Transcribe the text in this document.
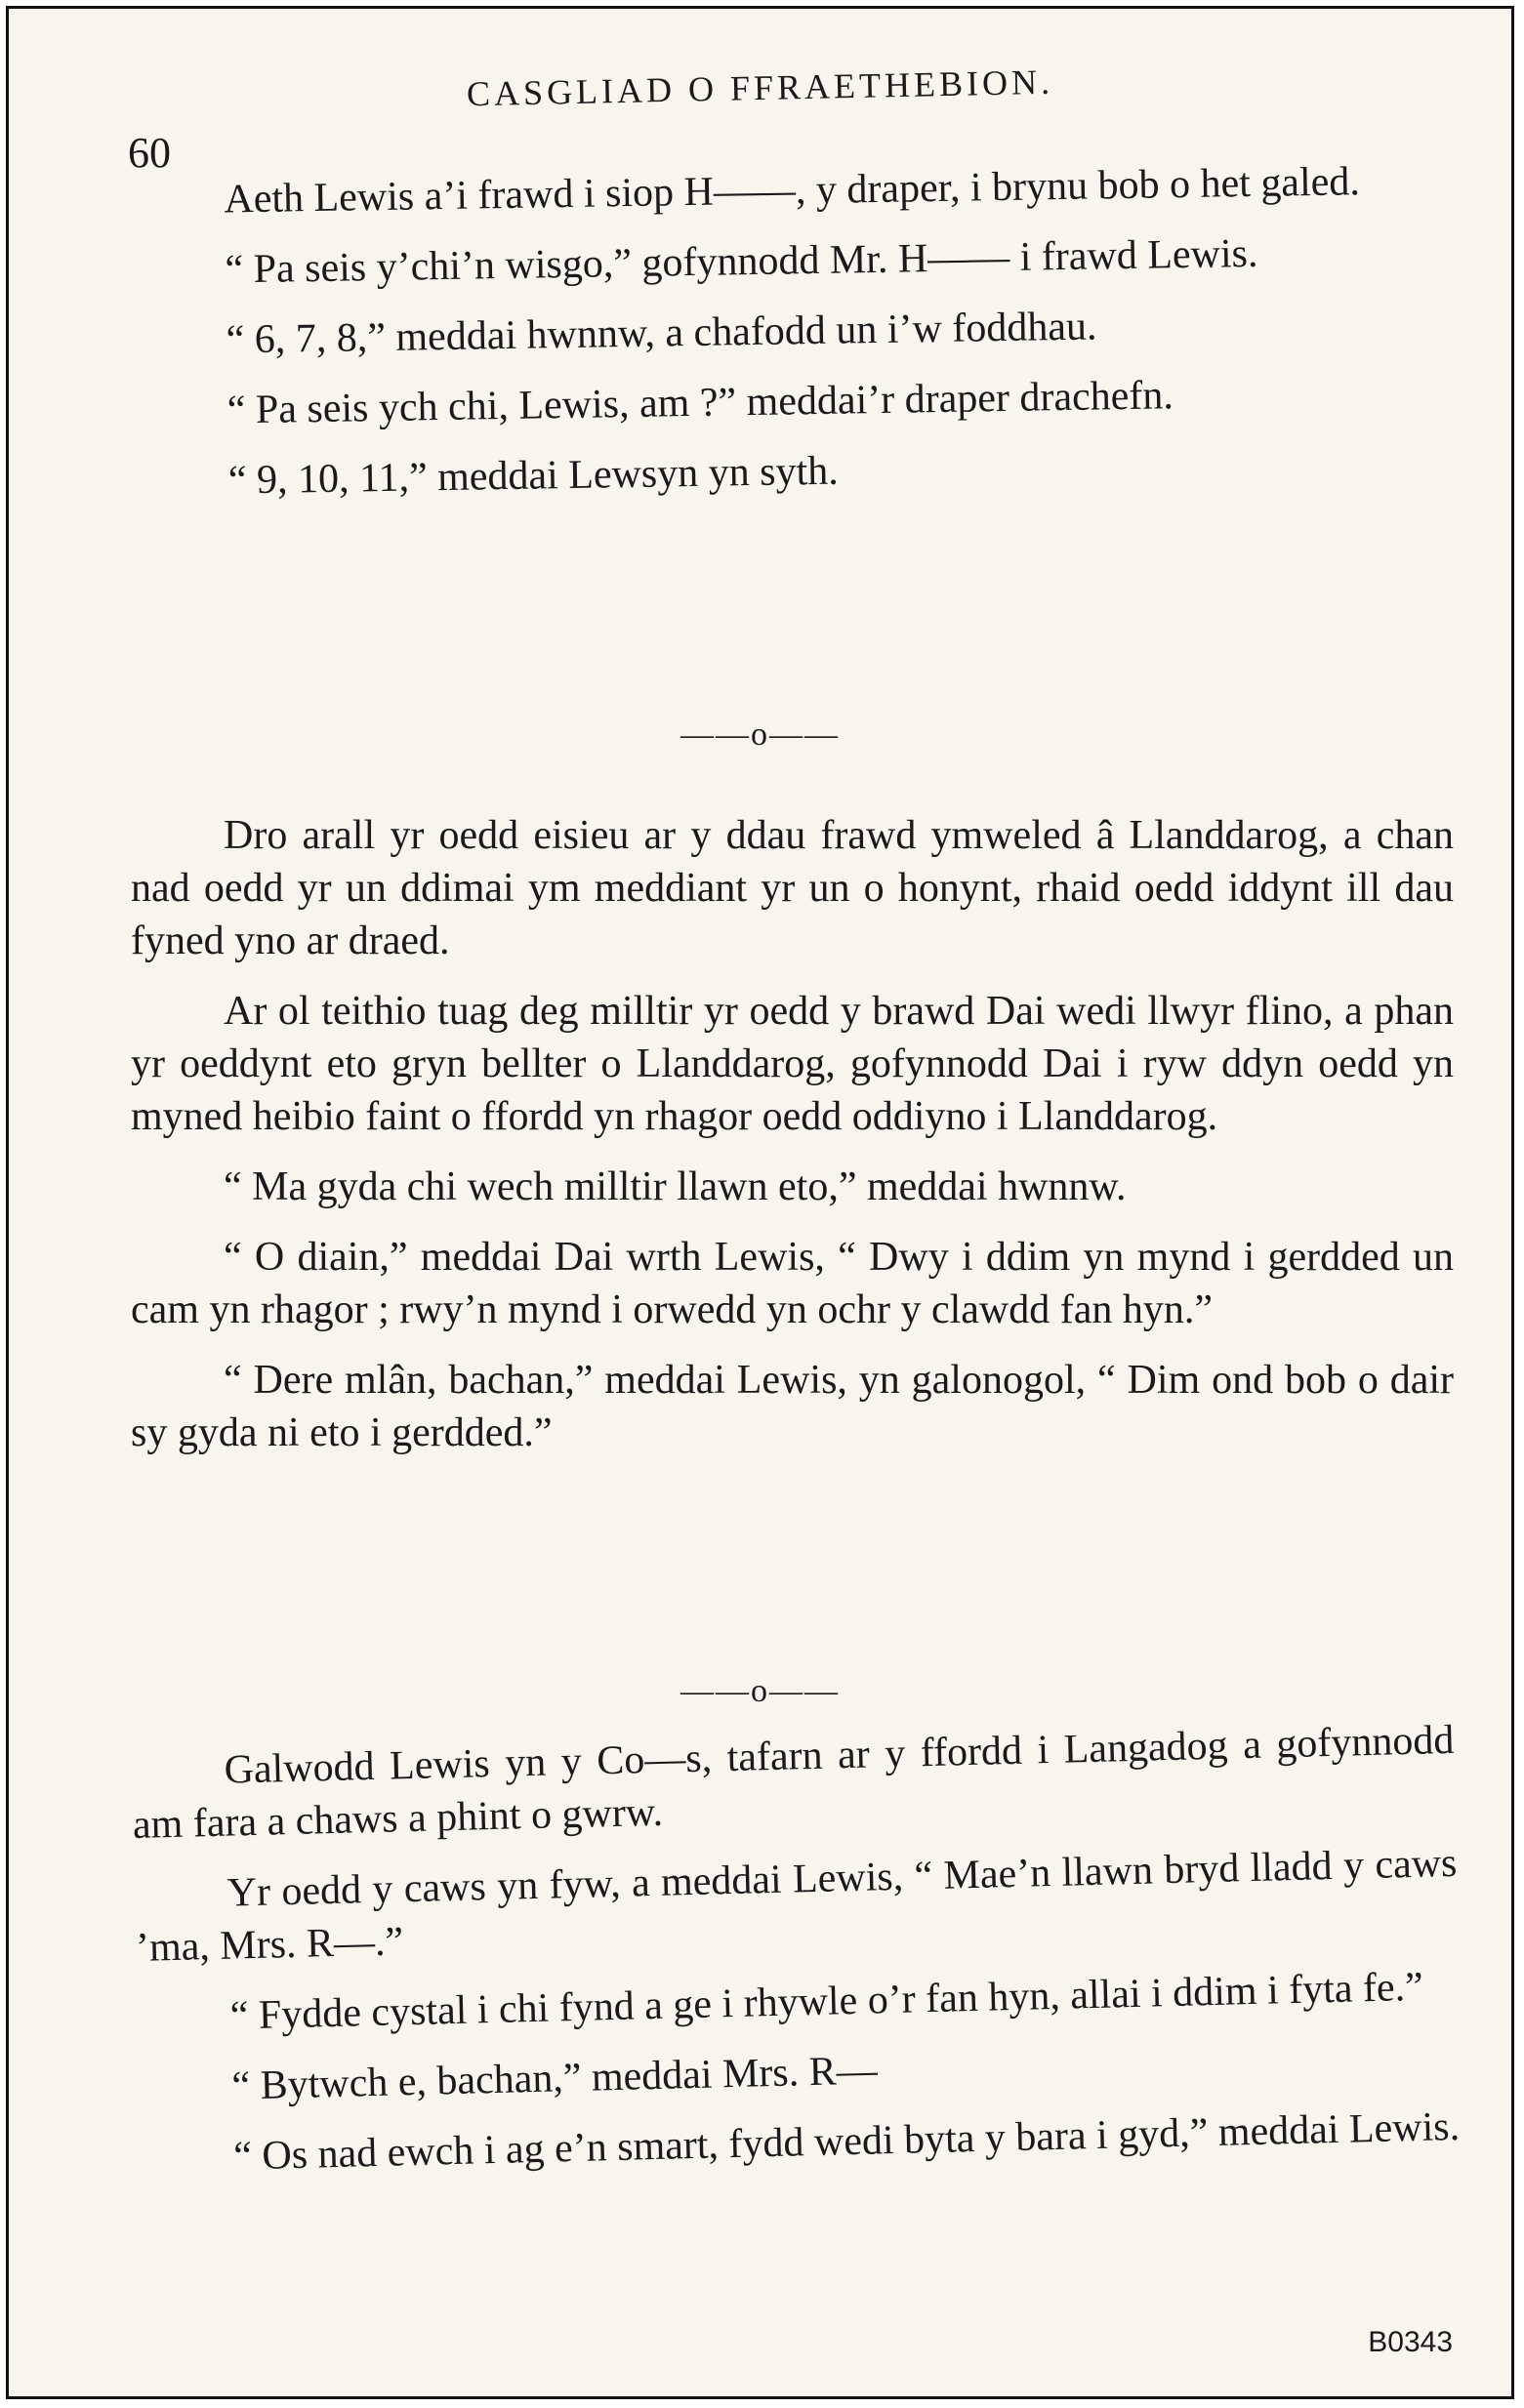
60
CASGLIAD O FFRAETHEBION.

Aeth Lewis a’i frawd i siop H——, y draper, i brynu bob o het galed.

“ Pa seis y’chi’n wisgo,” gofynnodd Mr. H—— i frawd Lewis.

“ 6, 7, 8,” meddai hwnnw, a chafodd un i’w foddhau.

“ Pa seis ych chi, Lewis, am ?” meddai’r draper drachefn.

“ 9, 10, 11,” meddai Lewsyn yn syth.

——o——

Dro arall yr oedd eisieu ar y ddau frawd ymweled â Llanddarog, a chan nad oedd yr un ddimai ym meddiant yr un o honynt, rhaid oedd iddynt ill dau fyned yno ar draed.

Ar ol teithio tuag deg milltir yr oedd y brawd Dai wedi llwyr flino, a phan yr oeddynt eto gryn bellter o Llanddarog, gofynnodd Dai i ryw ddyn oedd yn myned heibio faint o ffordd yn rhagor oedd oddiyno i Llanddarog.

“ Ma gyda chi wech milltir llawn eto,” meddai hwnnw.

“ O diain,” meddai Dai wrth Lewis, “ Dwy i ddim yn mynd i gerdded un cam yn rhagor ; rwy’n mynd i orwedd yn ochr y clawdd fan hyn.”

“ Dere mlân, bachan,” meddai Lewis, yn galonogol, “ Dim ond bob o dair sy gyda ni eto i gerdded.”

——o——

Galwodd Lewis yn y Co—s, tafarn ar y ffordd i Langadog a gofynnodd am fara a chaws a phint o gwrw.

Yr oedd y caws yn fyw, a meddai Lewis, “ Mae’n llawn bryd lladd y caws ’ma, Mrs. R—.”

“ Fydde cystal i chi fynd a ge i rhywle o’r fan hyn, allai i ddim i fyta fe.”

“ Bytwch e, bachan,” meddai Mrs. R—

“ Os nad ewch i ag e’n smart, fydd wedi byta y bara i gyd,” meddai Lewis.

B0343
